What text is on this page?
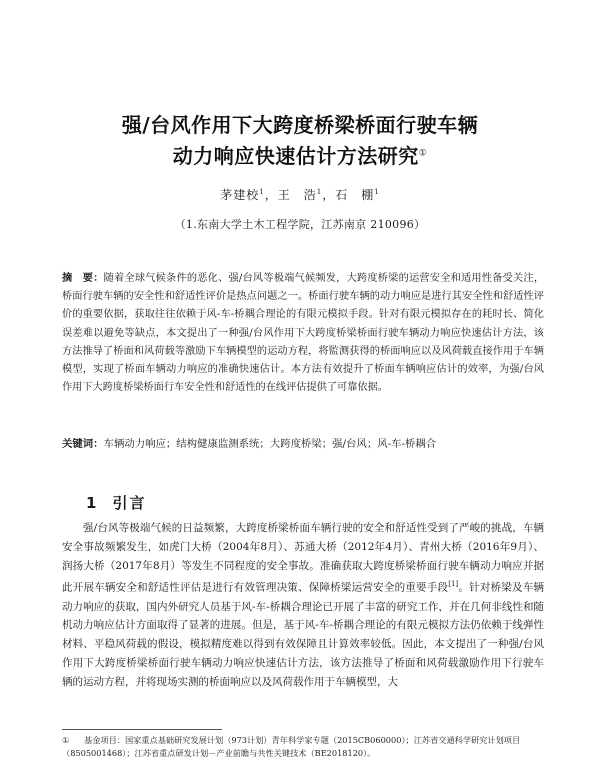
强/台风作用下大跨度桥梁桥面行驶车辆
动力响应快速估计方法研究①
茅建校$^1$，王　浩$^1$，石　棚$^1$
（1.东南大学土木工程学院，江苏南京 210096）
摘　要：随着全球气候条件的恶化、强/台风等极端气候频发，大跨度桥梁的运营安全和适用性备受关注，桥面行驶车辆的安全性和舒适性评价是热点问题之一。桥面行驶车辆的动力响应是进行其安全性和舒适性评价的重要依据，获取往往依赖于风-车-桥耦合理论的有限元模拟手段。针对有限元模拟存在的耗时长、简化误差难以避免等缺点，本文提出了一种强/台风作用下大跨度桥梁桥面行驶车辆动力响应快速估计方法，该方法推导了桥面和风荷载等激励下车辆模型的运动方程，将監测获得的桥面响应以及风荷载直接作用于车辆模型，实现了桥面车辆动力响应的准确快速估计。本方法有效提升了桥面车辆响应估计的效率，为强/台风作用下大跨度桥梁桥面行车安全性和舒适性的在线评估提供了可靠依据。
关键词：车辆动力响应；结构健康监测系统；大跨度桥梁；强/台风；风-车-桥耦合
1 引言
强/台风等极端气候的日益频繁，大跨度桥梁桥面车辆行驶的安全和舒适性受到了严峻的挑战，车辆安全事故频繁发生，如虎门大桥（2004年8月）、苏通大桥（2012年4月）、青州大桥（2016年9月）、润扬大桥（2017年8月）等发生不同程度的安全事故。准确获取大跨度桥梁桥面行驶车辆动力响应并据此开展车辆安全和舒适性评估是进行有效管理决策、保障桥梁运营安全的重要手段[1]。针对桥梁及车辆动力响应的获取，国内外研究人员基于风-车-桥耦合理论已开展了丰富的研究工作，并在几何非线性和随机动力响应估计方面取得了显著的进展。但是，基于风-车-桥耦合理论的有限元模拟方法仍依赖于线弹性材料、平稳风荷载的假设，模拟精度难以得到有效保障且计算效率较低。因此，本文提出了一种强/台风作用下大跨度桥梁桥面行驶车辆动力响应快速估计方法，该方法推导了桥面和风荷载激励作用下行驶车辆的运动方程，并将现场实测的桥面响应以及风荷载作用于车辆模型，大
① 基金项目：国家重点基础研究发展计划（973计划）青年科学家专题（2015CB060000）；江苏省交通科学研究计划项目（8505001468）；江苏省重点研发计划－产业前瞻与共性关键技术（BE2018120）。
